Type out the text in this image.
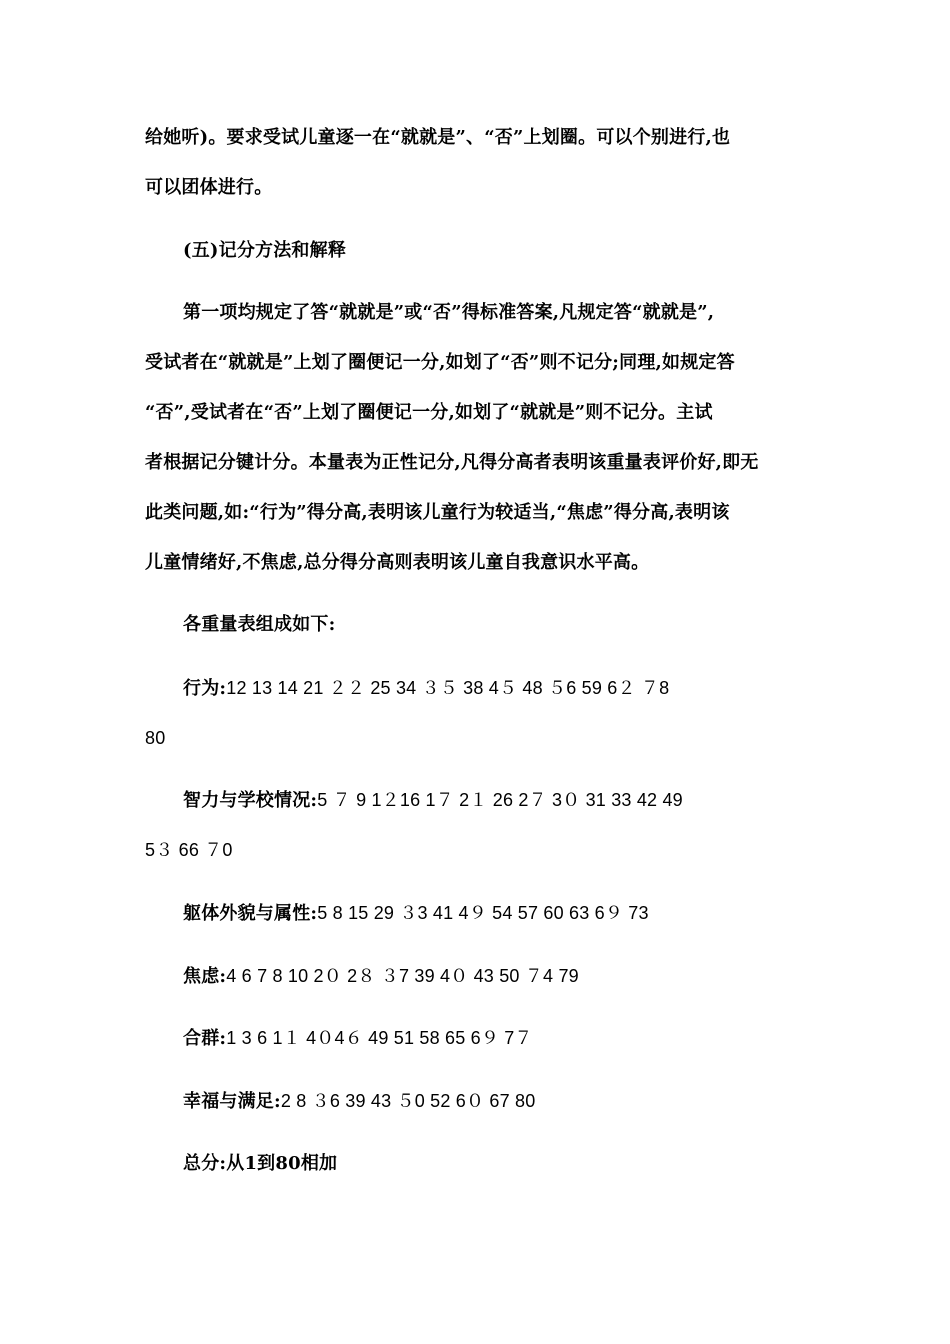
给她听)。要求受试儿童逐一在“就就是”、“否”上划圈。可以个别进行,也
可以团体进行。
(五)记分方法和解释
第一项均规定了答“就就是”或“否”得标准答案,凡规定答“就就是”,
受试者在“就就是”上划了圈便记一分,如划了“否”则不记分;同理,如规定答
“否”,受试者在“否”上划了圈便记一分,如划了“就就是”则不记分。主试
者根据记分键计分。本量表为正性记分,凡得分高者表明该重量表评价好,即无
此类问题,如:“行为”得分高,表明该儿童行为较适当,“焦虑”得分高,表明该
儿童情绪好,不焦虑,总分得分高则表明该儿童自我意识水平高。
各重量表组成如下:
行为:12 13 14 21 ２２ 25 34 ３５ 38 4５ 48 ５6 59 6２ ７8
80
智力与学校情况:5 ７ 9 1２16 1７ 2１ 26 2７ 3０ 31 33 42 49
5３ 66 ７0
躯体外貌与属性:5 8 15 29 ３3 41 4９ 54 57 60 63 6９ 73
焦虑:4 6 7 8 10 2０ 2８ ３7 39 4０ 43 50 ７4 79
合群:1 3 6 1１ 4０4６ 49 51 58 65 6９ 7７
幸福与满足:2 8 ３6 39 43 ５0 52 6０ 67 80
总分:从1到80相加
